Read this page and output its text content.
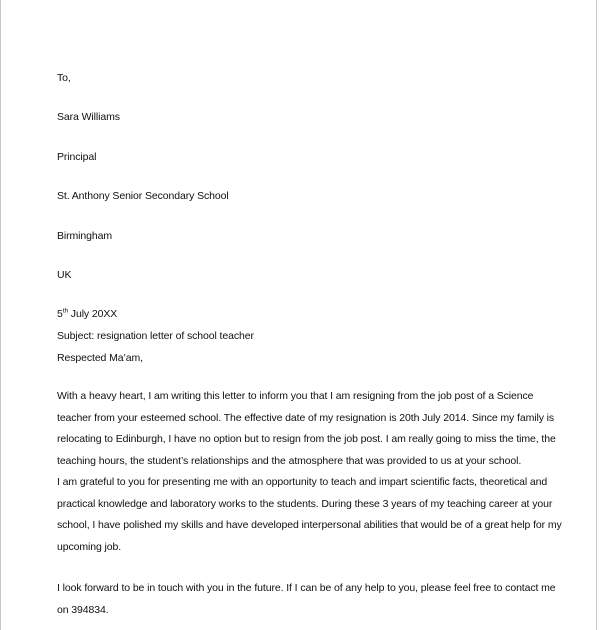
To,
Sara Williams
Principal
St. Anthony Senior Secondary School
Birmingham
UK
5th July 20XX
Subject: resignation letter of school teacher
Respected Ma’am,
With a heavy heart, I am writing this letter to inform you that I am resigning from the job post of a Science
teacher from your esteemed school. The effective date of my resignation is 20th July 2014. Since my family is
relocating to Edinburgh, I have no option but to resign from the job post. I am really going to miss the time, the
teaching hours, the student’s relationships and the atmosphere that was provided to us at your school.
I am grateful to you for presenting me with an opportunity to teach and impart scientific facts, theoretical and
practical knowledge and laboratory works to the students. During these 3 years of my teaching career at your
school, I have polished my skills and have developed interpersonal abilities that would be of a great help for my
upcoming job.
I look forward to be in touch with you in the future. If I can be of any help to you, please feel free to contact me
on 394834.
